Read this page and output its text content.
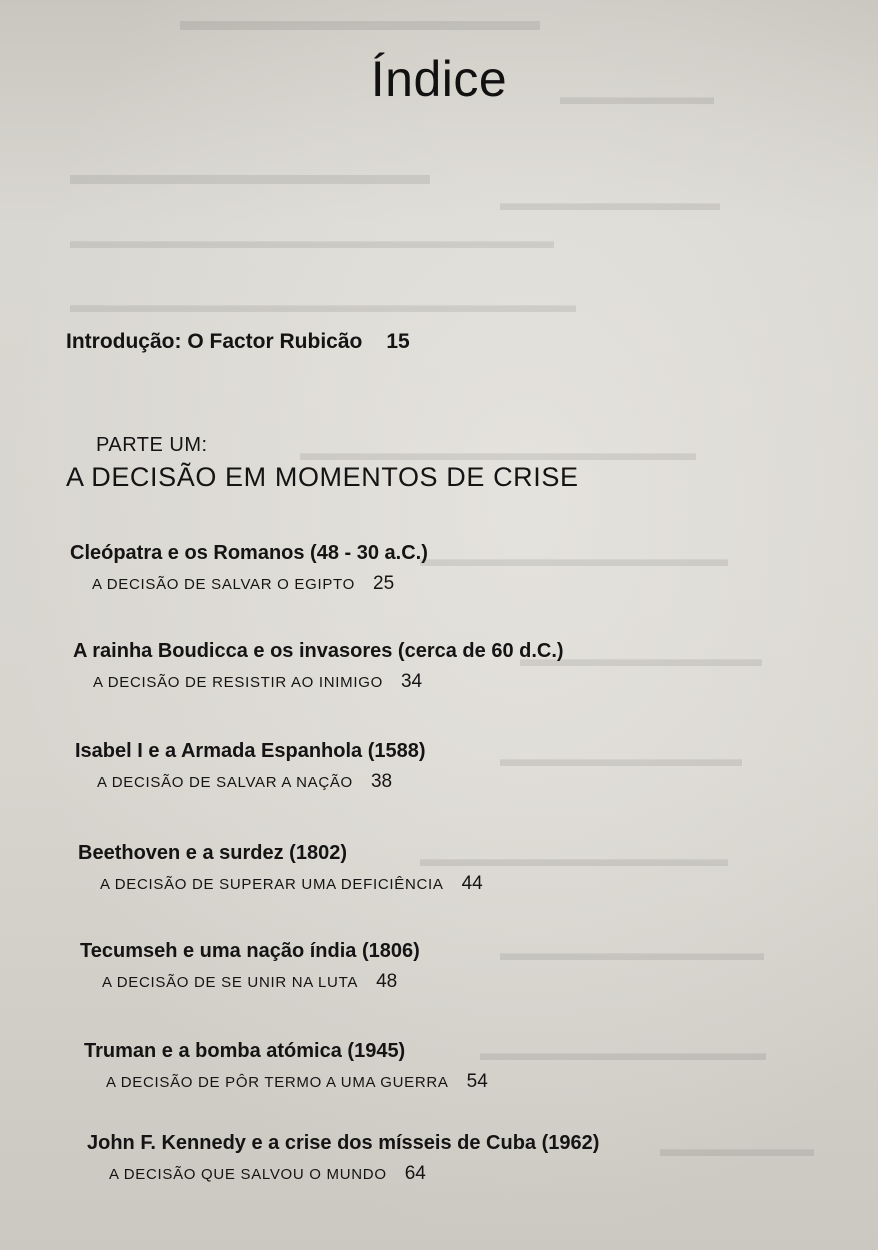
▬▬▬▬▬▬▬▬▬▬▬▬
▬▬▬▬▬▬▬
▬▬▬▬▬▬▬▬▬▬▬▬
▬▬▬▬▬▬▬▬▬▬
▬▬▬▬▬▬▬▬▬▬▬▬▬▬▬▬▬▬▬▬▬▬
▬▬▬▬▬▬▬▬▬▬▬▬▬▬▬▬▬▬▬▬▬▬▬
▬▬▬▬▬▬▬▬▬▬▬▬▬▬▬▬▬▬
▬▬▬▬▬▬▬▬▬▬▬▬▬▬
▬▬▬▬▬▬▬▬▬▬▬
▬▬▬▬▬▬▬▬▬▬▬
▬▬▬▬▬▬▬▬▬▬▬▬▬▬
▬▬▬▬▬▬▬▬▬▬▬▬
▬▬▬▬▬▬▬▬▬▬▬▬▬
▬▬▬▬▬▬▬
Índice
Introdução: O Factor Rubicão 15
PARTE UM:
A DECISÃO EM MOMENTOS DE CRISE
Cleópatra e os Romanos (48 - 30 a.C.)
A DECISÃO DE SALVAR O EGIPTO 25
A rainha Boudicca e os invasores (cerca de 60 d.C.)
A DECISÃO DE RESISTIR AO INIMIGO 34
Isabel I e a Armada Espanhola (1588)
A DECISÃO DE SALVAR A NAÇÃO 38
Beethoven e a surdez (1802)
A DECISÃO DE SUPERAR UMA DEFICIÊNCIA 44
Tecumseh e uma nação índia (1806)
A DECISÃO DE SE UNIR NA LUTA 48
Truman e a bomba atómica (1945)
A DECISÃO DE PÔR TERMO A UMA GUERRA 54
John F. Kennedy e a crise dos mísseis de Cuba (1962)
A DECISÃO QUE SALVOU O MUNDO 64
